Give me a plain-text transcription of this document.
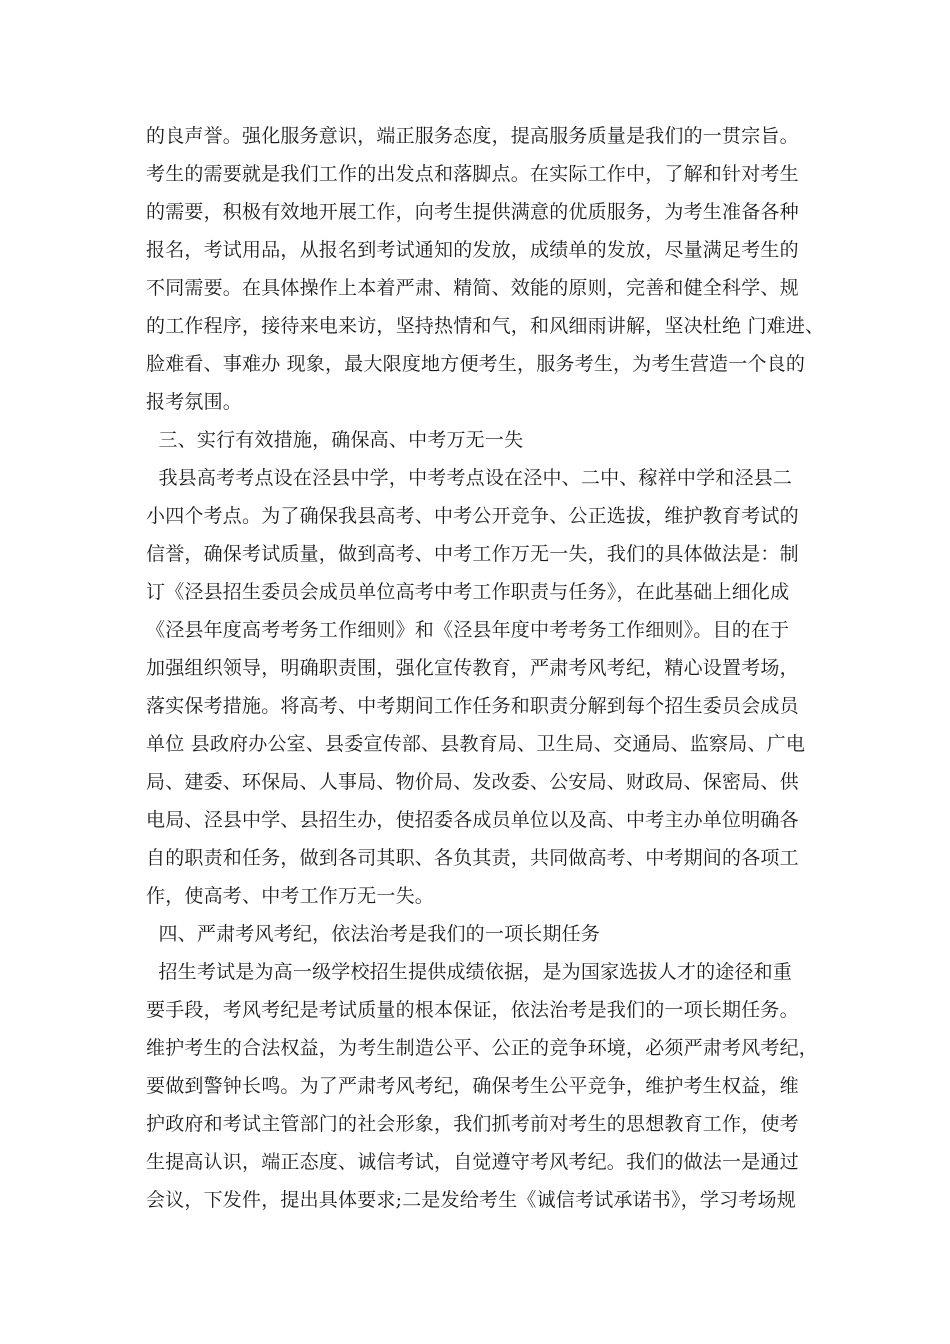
的良声誉。强化服务意识，端正服务态度，提高服务质量是我们的一贯宗旨。
考生的需要就是我们工作的出发点和落脚点。在实际工作中，了解和针对考生
的需要，积极有效地开展工作，向考生提供满意的优质服务，为考生准备各种
报名，考试用品，从报名到考试通知的发放，成绩单的发放，尽量满足考生的
不同需要。在具体操作上本着严肃、精简、效能的原则，完善和健全科学、规
的工作程序，接待来电来访，坚持热情和气，和风细雨讲解，坚决杜绝 门难进、
脸难看、事难办 现象，最大限度地方便考生，服务考生，为考生营造一个良的
报考氛围。
三、实行有效措施，确保高、中考万无一失
我县高考考点设在泾县中学，中考考点设在泾中、二中、稼祥中学和泾县二
小四个考点。为了确保我县高考、中考公开竞争、公正选拔，维护教育考试的
信誉，确保考试质量，做到高考、中考工作万无一失，我们的具体做法是：制
订《泾县招生委员会成员单位高考中考工作职责与任务》，在此基础上细化成
《泾县年度高考考务工作细则》和《泾县年度中考考务工作细则》。目的在于
加强组织领导，明确职责围，强化宣传教育，严肃考风考纪，精心设置考场，
落实保考措施。将高考、中考期间工作任务和职责分解到每个招生委员会成员
单位 县政府办公室、县委宣传部、县教育局、卫生局、交通局、监察局、广电
局、建委、环保局、人事局、物价局、发改委、公安局、财政局、保密局、供
电局、泾县中学、县招生办，使招委各成员单位以及高、中考主办单位明确各
自的职责和任务，做到各司其职、各负其责，共同做高考、中考期间的各项工
作，使高考、中考工作万无一失。
四、严肃考风考纪，依法治考是我们的一项长期任务
招生考试是为高一级学校招生提供成绩依据，是为国家选拔人才的途径和重
要手段，考风考纪是考试质量的根本保证，依法治考是我们的一项长期任务。
维护考生的合法权益，为考生制造公平、公正的竞争环境，必须严肃考风考纪，
要做到警钟长鸣。为了严肃考风考纪，确保考生公平竞争，维护考生权益，维
护政府和考试主管部门的社会形象，我们抓考前对考生的思想教育工作，使考
生提高认识，端正态度、诚信考试，自觉遵守考风考纪。我们的做法一是通过
会议，下发件，提出具体要求;二是发给考生《诚信考试承诺书》，学习考场规
